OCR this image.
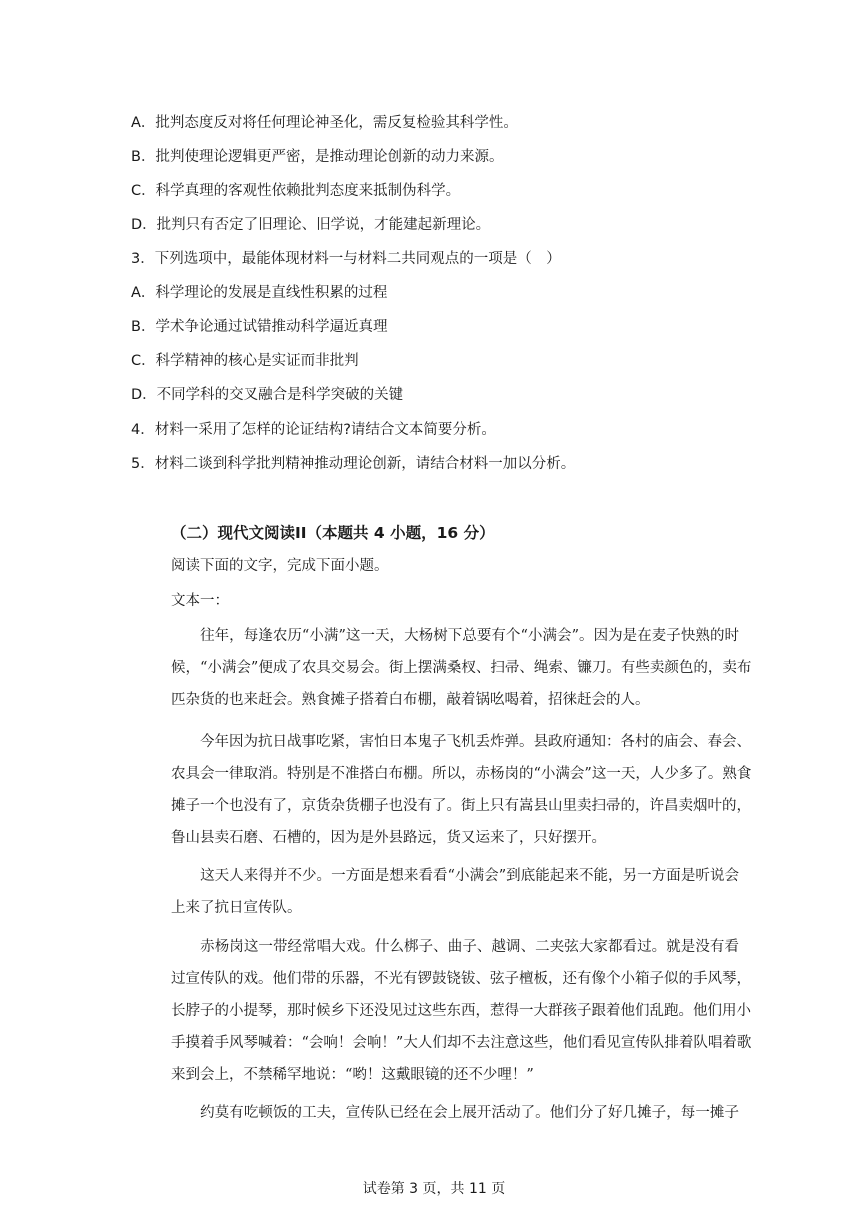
A．批判态度反对将任何理论神圣化，需反复检验其科学性。
B．批判使理论逻辑更严密，是推动理论创新的动力来源。
C．科学真理的客观性依赖批判态度来抵制伪科学。
D．批判只有否定了旧理论、旧学说，才能建起新理论。
3．下列选项中，最能体现材料一与材料二共同观点的一项是（　）
A．科学理论的发展是直线性积累的过程
B．学术争论通过试错推动科学逼近真理
C．科学精神的核心是实证而非批判
D．不同学科的交叉融合是科学突破的关键
4．材料一采用了怎样的论证结构?请结合文本简要分析。
5．材料二谈到科学批判精神推动理论创新，请结合材料一加以分析。
（二）现代文阅读II（本题共 4 小题，16 分）
阅读下面的文字，完成下面小题。
文本一：
　　往年，每逢农历“小满”这一天，大杨树下总要有个“小满会”。因为是在麦子快熟的时
候，“小满会”便成了农具交易会。街上摆满桑杈、扫帚、绳索、镰刀。有些卖颜色的，卖布
匹杂货的也来赶会。熟食摊子搭着白布棚，敲着锅吆喝着，招徕赶会的人。
　　今年因为抗日战事吃紧，害怕日本鬼子飞机丢炸弹。县政府通知：各村的庙会、春会、
农具会一律取消。特别是不准搭白布棚。所以，赤杨岗的“小满会”这一天，人少多了。熟食
摊子一个也没有了，京货杂货棚子也没有了。街上只有嵩县山里卖扫帚的，许昌卖烟叶的，
鲁山县卖石磨、石槽的，因为是外县路远，货又运来了，只好摆开。
　　这天人来得并不少。一方面是想来看看“小满会”到底能起来不能，另一方面是听说会
上来了抗日宣传队。
　　赤杨岗这一带经常唱大戏。什么梆子、曲子、越调、二夹弦大家都看过。就是没有看
过宣传队的戏。他们带的乐器，不光有锣鼓铙钹、弦子檀板，还有像个小箱子似的手风琴，
长脖子的小提琴，那时候乡下还没见过这些东西，惹得一大群孩子跟着他们乱跑。他们用小
手摸着手风琴喊着：“会响！会响！”大人们却不去注意这些，他们看见宣传队排着队唱着歌
来到会上，不禁稀罕地说：“哟！这戴眼镜的还不少哩！”
　　约莫有吃顿饭的工夫，宣传队已经在会上展开活动了。他们分了好几摊子，每一摊子
试卷第 3 页，共 11 页
